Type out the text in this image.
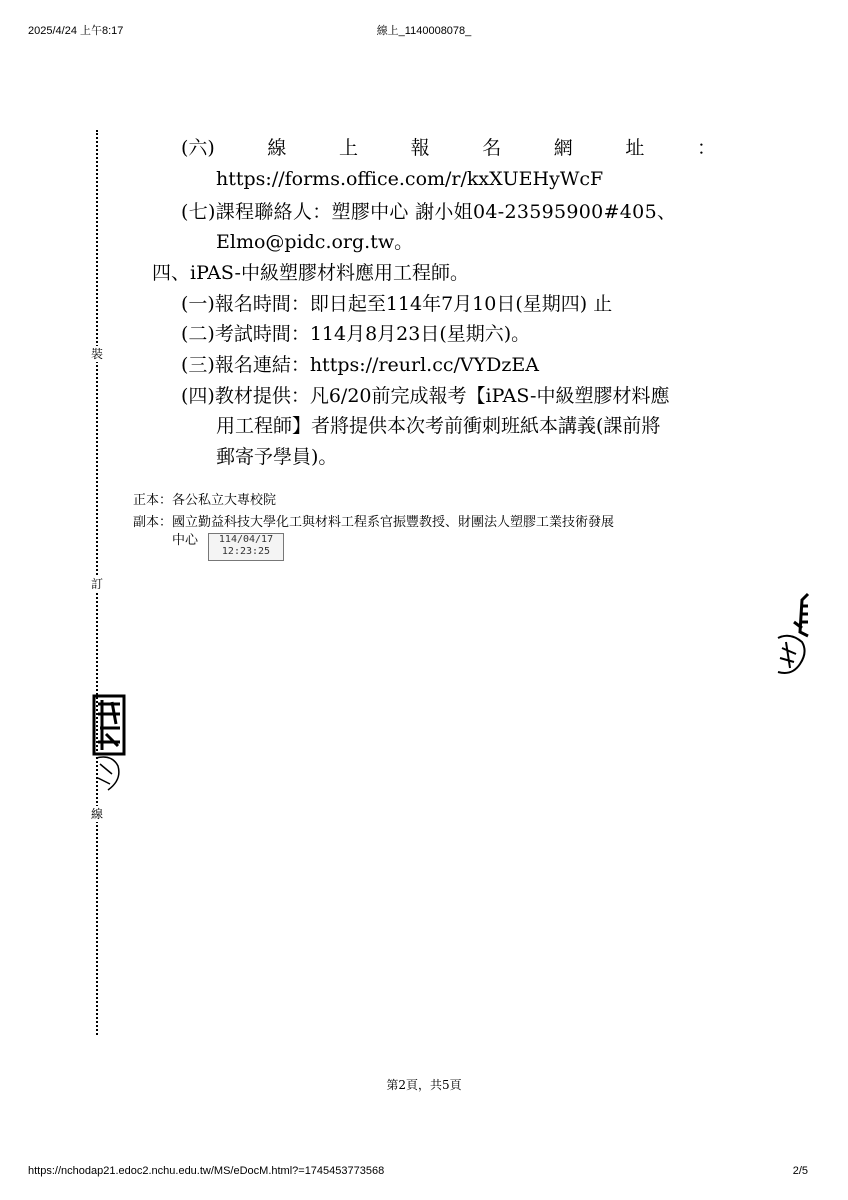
2025/4/24 上午8:17	線上_1140008078_
裝
訂
線
(六)	線	上	報	名	網	址	：
https://forms.office.com/r/kxXUEHyWcF
(七)課程聯絡人：塑膠中心 謝小姐04-23595900#405、
Elmo@pidc.org.tw。
四、iPAS-中級塑膠材料應用工程師。
(一)報名時間：即日起至114年7月10日(星期四) 止
(二)考試時間：114月8月23日(星期六)。
(三)報名連結：https://reurl.cc/VYDzEA
(四)教材提供：凡6/20前完成報考【iPAS-中級塑膠材料應
用工程師】者將提供本次考前衝刺班紙本講義(課前將
郵寄予學員)。
正本：各公私立大專校院
副本：國立勤益科技大學化工與材料工程系官振豐教授、財團法人塑膠工業技術發展
中心	114/04/17
12:23:25
第2頁，共5頁
https://nchodap21.edoc2.nchu.edu.tw/MS/eDocM.html?=1745453773568	2/5
